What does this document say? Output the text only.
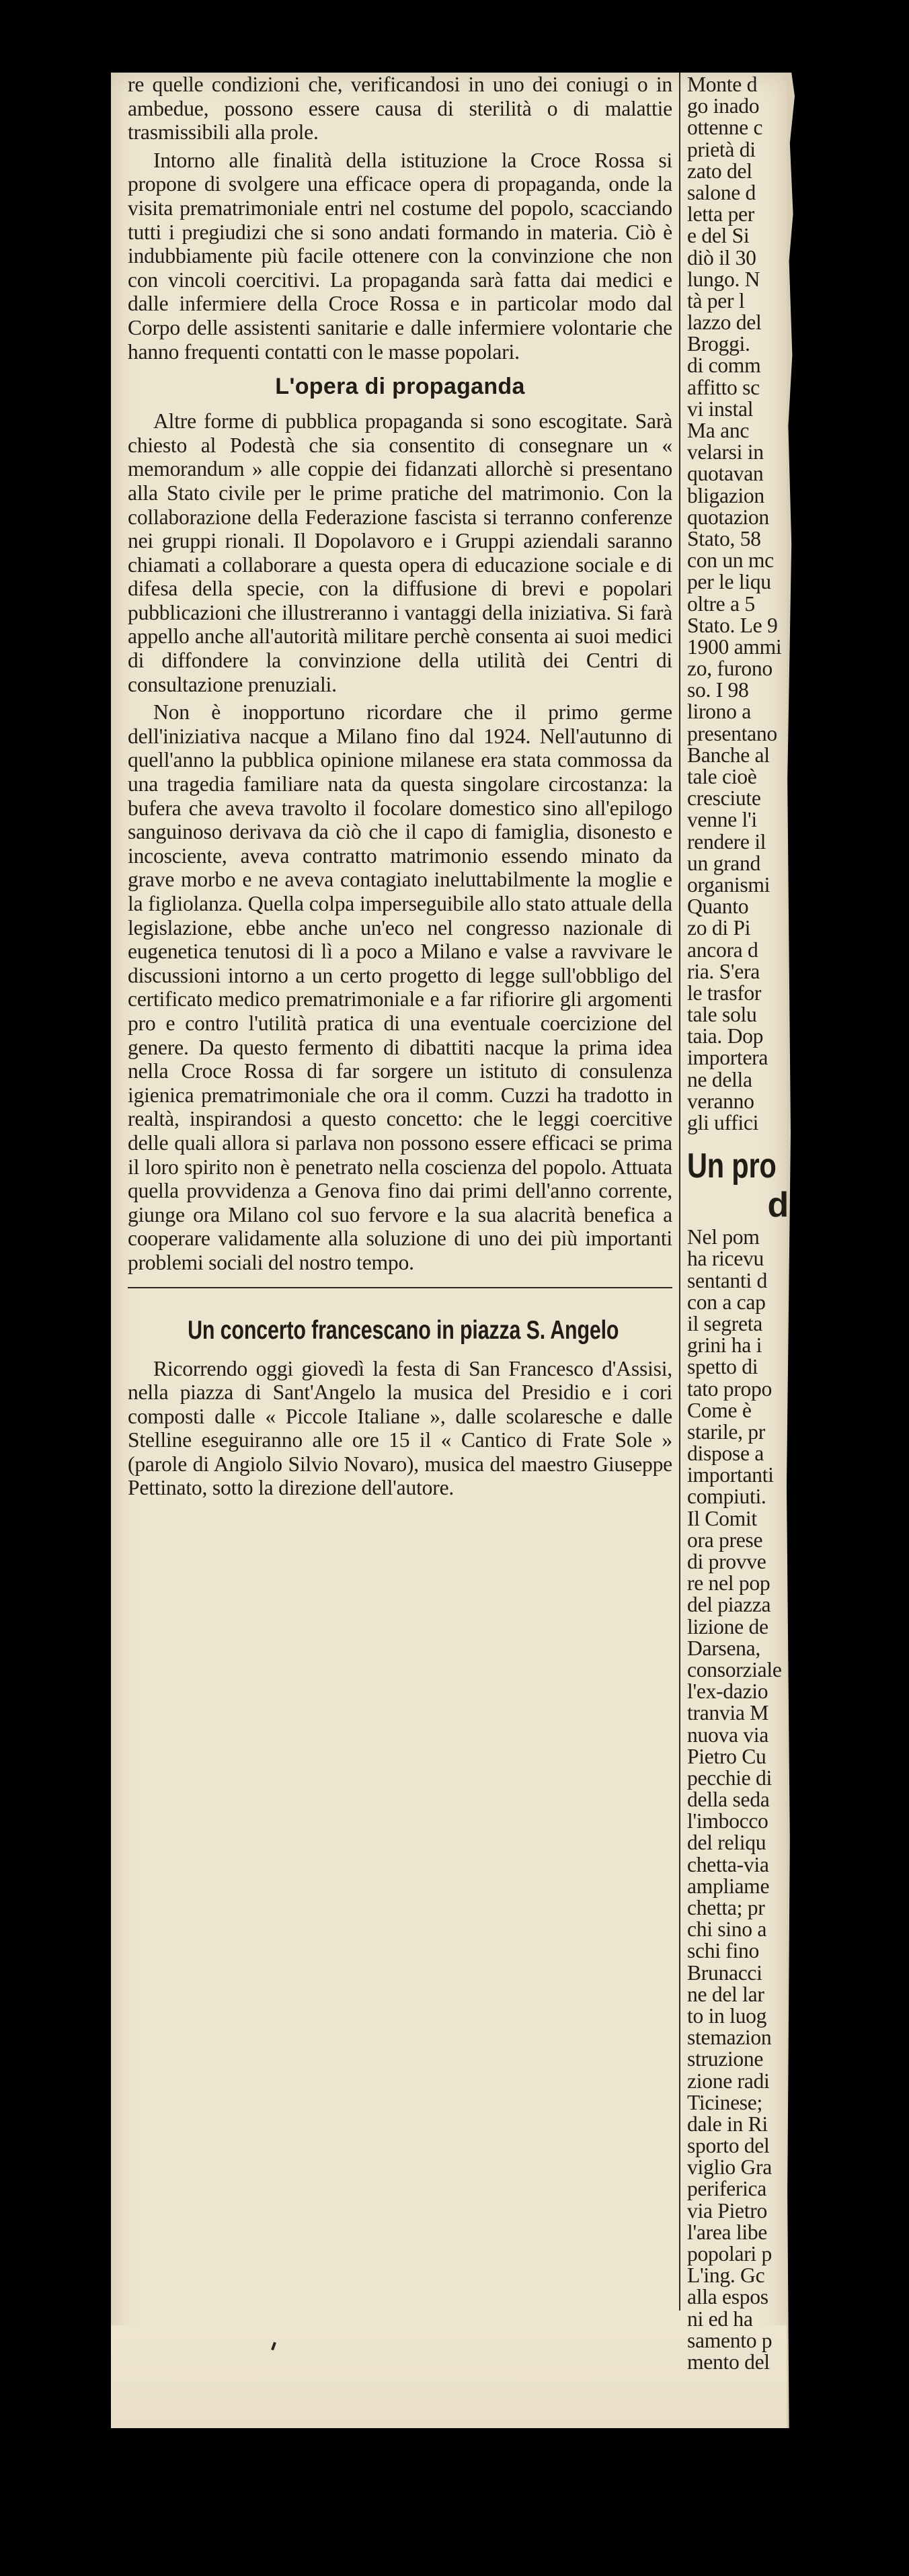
re quelle condizioni che, verificandosi in uno dei coniugi o in ambedue, possono essere causa di sterilità o di malattie trasmissibili alla prole.

Intorno alle finalità della istituzione la Croce Rossa si propone di svolgere una efficace opera di propaganda, onde la visita prematrimoniale entri nel costume del popolo, scacciando tutti i pregiudizi che si sono andati formando in materia. Ciò è indubbiamente più facile ottenere con la convinzione che non con vincoli coercitivi. La propaganda sarà fatta dai medici e dalle infermiere della Croce Rossa e in particolar modo dal Corpo delle assistenti sanitarie e dalle infermiere volontarie che hanno frequenti contatti con le masse popolari.

L'opera di propaganda

Altre forme di pubblica propaganda si sono escogitate. Sarà chiesto al Podestà che sia consentito di consegnare un « memorandum » alle coppie dei fidanzati allorchè si presentano alla Stato civile per le prime pratiche del matrimonio. Con la collaborazione della Federazione fascista si terranno conferenze nei gruppi rionali. Il Dopolavoro e i Gruppi aziendali saranno chiamati a collaborare a questa opera di educazione sociale e di difesa della specie, con la diffusione di brevi e popolari pubblicazioni che illustreranno i vantaggi della iniziativa. Si farà appello anche all'autorità militare perchè consenta ai suoi medici di diffondere la convinzione della utilità dei Centri di consultazione prenuziali.

Non è inopportuno ricordare che il primo germe dell'iniziativa nacque a Milano fino dal 1924. Nell'autunno di quell'anno la pubblica opinione milanese era stata commossa da una tragedia familiare nata da questa singolare circostanza: la bufera che aveva travolto il focolare domestico sino all'epilogo sanguinoso derivava da ciò che il capo di famiglia, disonesto e incosciente, aveva contratto matrimonio essendo minato da grave morbo e ne aveva contagiato ineluttabilmente la moglie e la figliolanza. Quella colpa imperseguibile allo stato attuale della legislazione, ebbe anche un'eco nel congresso nazionale di eugenetica tenutosi di lì a poco a Milano e valse a ravvivare le discussioni intorno a un certo progetto di legge sull'obbligo del certificato medico prematrimoniale e a far rifiorire gli argomenti pro e contro l'utilità pratica di una eventuale coercizione del genere. Da questo fermento di dibattiti nacque la prima idea nella Croce Rossa di far sorgere un istituto di consulenza igienica prematrimoniale che ora il comm. Cuzzi ha tradotto in realtà, inspirandosi a questo concetto: che le leggi coercitive delle quali allora si parlava non possono essere efficaci se prima il loro spirito non è penetrato nella coscienza del popolo. Attuata quella provvidenza a Genova fino dai primi dell'anno corrente, giunge ora Milano col suo fervore e la sua alacrità benefica a cooperare validamente alla soluzione di uno dei più importanti problemi sociali del nostro tempo.

Un concerto francescano in piazza S. Angelo

Ricorrendo oggi giovedì la festa di San Francesco d'Assisi, nella piazza di Sant'Angelo la musica del Presidio e i cori composti dalle « Piccole Italiane », dalle scolaresche e dalle Stelline eseguiranno alle ore 15 il « Cantico di Frate Sole » (parole di Angiolo Silvio Novaro), musica del maestro Giuseppe Pettinato, sotto la direzione dell'autore.

Monte d
go inado
ottenne c
prietà di
zato del
salone d
letta per
e del Si
diò il 30
lungo. N
tà per l
lazzo del
Broggi.
di comm
affitto sc
vi instal
Ma anc
velarsi in
quotavan
bligazion
quotazion
Stato, 58
con un mc
per le liqu
oltre a 5
Stato. Le 9
1900 ammi
zo, furono
so. I 98
lirono a
presentano
Banche al
tale cioè
cresciute
venne l'i
rendere il
un grand
organismi
Quanto
zo di Pi
ancora d
ria. S'era
le trasfor
tale solu
taia. Dop
importera
ne della
veranno
gli uffici
Un pro
d
Nel pom
ha ricevu
sentanti d
con a cap
il segreta
grini ha i
spetto di
tato propo
Come è
starile, pr
dispose a
importanti
compiuti.
Il Comit
ora prese
di provve
re nel pop
del piazza
lizione de
Darsena,
consorziale
l'ex-dazio
tranvia M
nuova via
Pietro Cu
pecchie di
della seda
l'imbocco
del reliqu
chetta-via
ampliame
chetta; pr
chi sino a
schi fino
Brunacci
ne del lar
to in luog
stemazion
struzione
zione radi
Ticinese;
dale in Ri
sporto del
viglio Gra
periferica
via Pietro
l'area libe
popolari p
L'ing. Gc
alla espos
ni ed ha
samento p
mento del
